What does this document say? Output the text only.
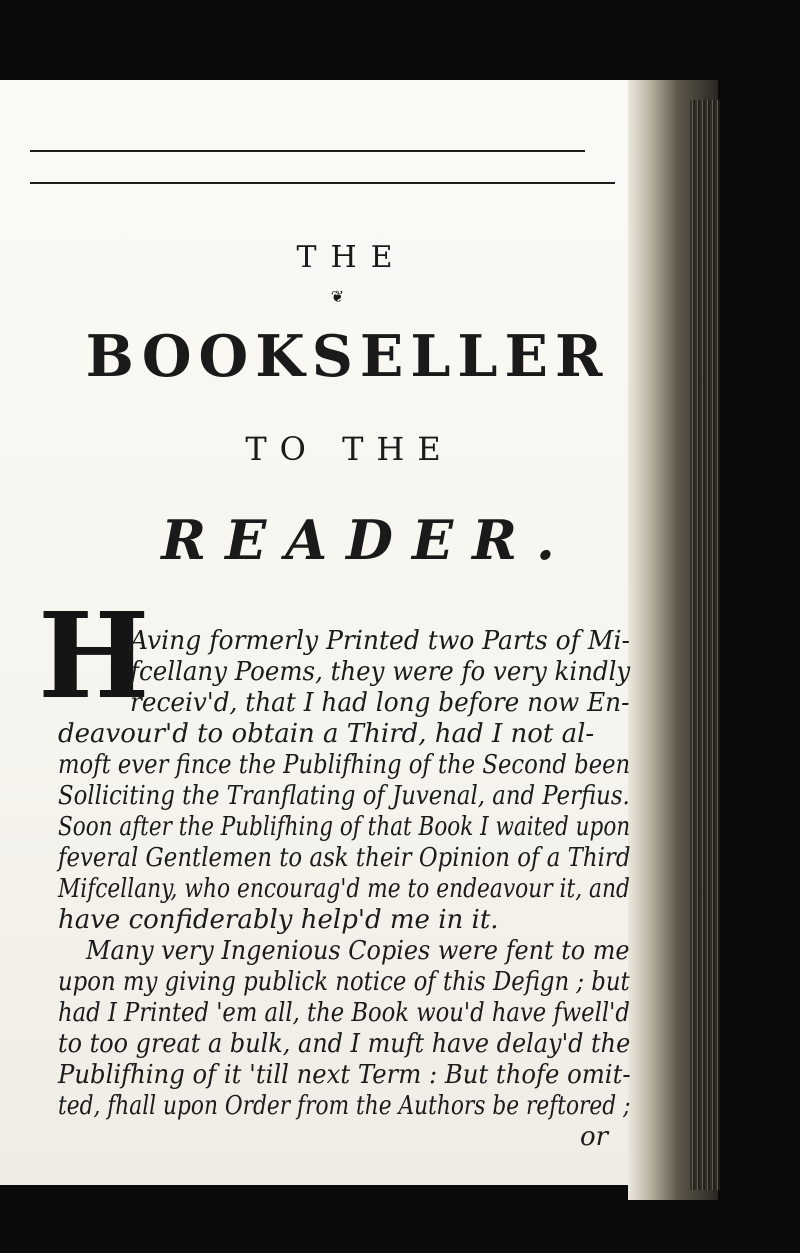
THE
❦
BOOKSELLER
TO THE
READER.
H
Aving formerly Printed two Parts of Mi-
fcellany Poems, they were fo very kindly
receiv'd, that I had long before now En-
deavour'd to obtain a Third, had I not al-
moft ever fince the Publifhing of the Second been
Solliciting the Tranflating of Juvenal, and Perfius.
Soon after the Publifhing of that Book I waited upon
feveral Gentlemen to ask their Opinion of a Third
Mifcellany, who encourag'd me to endeavour it, and
have confiderably help'd me in it.
Many very Ingenious Copies were fent to me
upon my giving publick notice of this Defign ; but
had I Printed 'em all, the Book wou'd have fwell'd
to too great a bulk, and I muft have delay'd the
Publifhing of it 'till next Term : But thofe omit-
ted, fhall upon Order from the Authors be reftored ;
or
